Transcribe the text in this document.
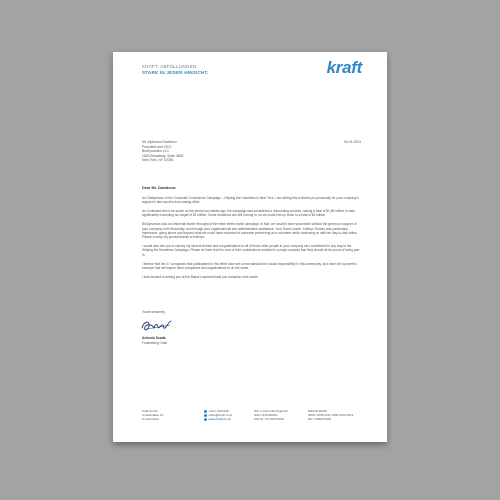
KRAFT. ABFÜLLUNGEN.
STARK IN JEDER HINSICHT.	kraft
Mr. Alphonso Davidson
President and CEO
BioDynamics LLC
1520 Broadway, Suite 4800
New York, NY 10036
04.01.2024
Dear Mr. Davidson:

As Chairperson of the Corporate Conscience Campaign – Helping the Homeless in New York, I am writing this to thank you personally for your company's support in last month's fund-raising effort.

As I indicated when we spoke on the phone two weeks ago, the campaign was considered a resounding success, raising a total of $1.85 million to date, significantly exceeding our target of $1 million. Some donations are still coming in, so we could end up close to a total of $2 million.

BioDynamics was an influential leader throughout the entire three-month campaign. In fact, we couldn't have succeeded without the generous support of your company, both financially, and through your organizational and administrative assistance. Your Team Leader, Kathryn Gomez was particularly impressive, going above and beyond what we could have expected of someone performing as a volunteer while continuing on with her day-to-day duties. Please convey my special thanks to Kathryn.

I would also ask you to convey my sincere thanks and congratulations to all of those other people in your company who contributed in any way to the Helping the Homeless Campaign. Please let them that the sum of their contributions resulted in a major success that they should all be proud of being part in.

I believe that the 27 companies that participated in this effort have set a new standard for social responsibility in this community, and have set a powerful example that will inspire other companies and organizations to do the same.

I look forward to seeing you at the Mayor's special thank you reception next month.

Yours sincerely,
Antonin Scalia
Fundraising Chair
Kraft GmbH
Amalienallee 10
A-1120 Wien
+43 1 8123196
office@kraft.co.at
www.kraft.co.at
Sitz u. Firmenbuchgericht
Wien FN115060m
UID-Nr. ATU15071909
ERSTE BANK
IBAN: AT68 2011 1000 0310 2619
BIC: GIBAATWW
